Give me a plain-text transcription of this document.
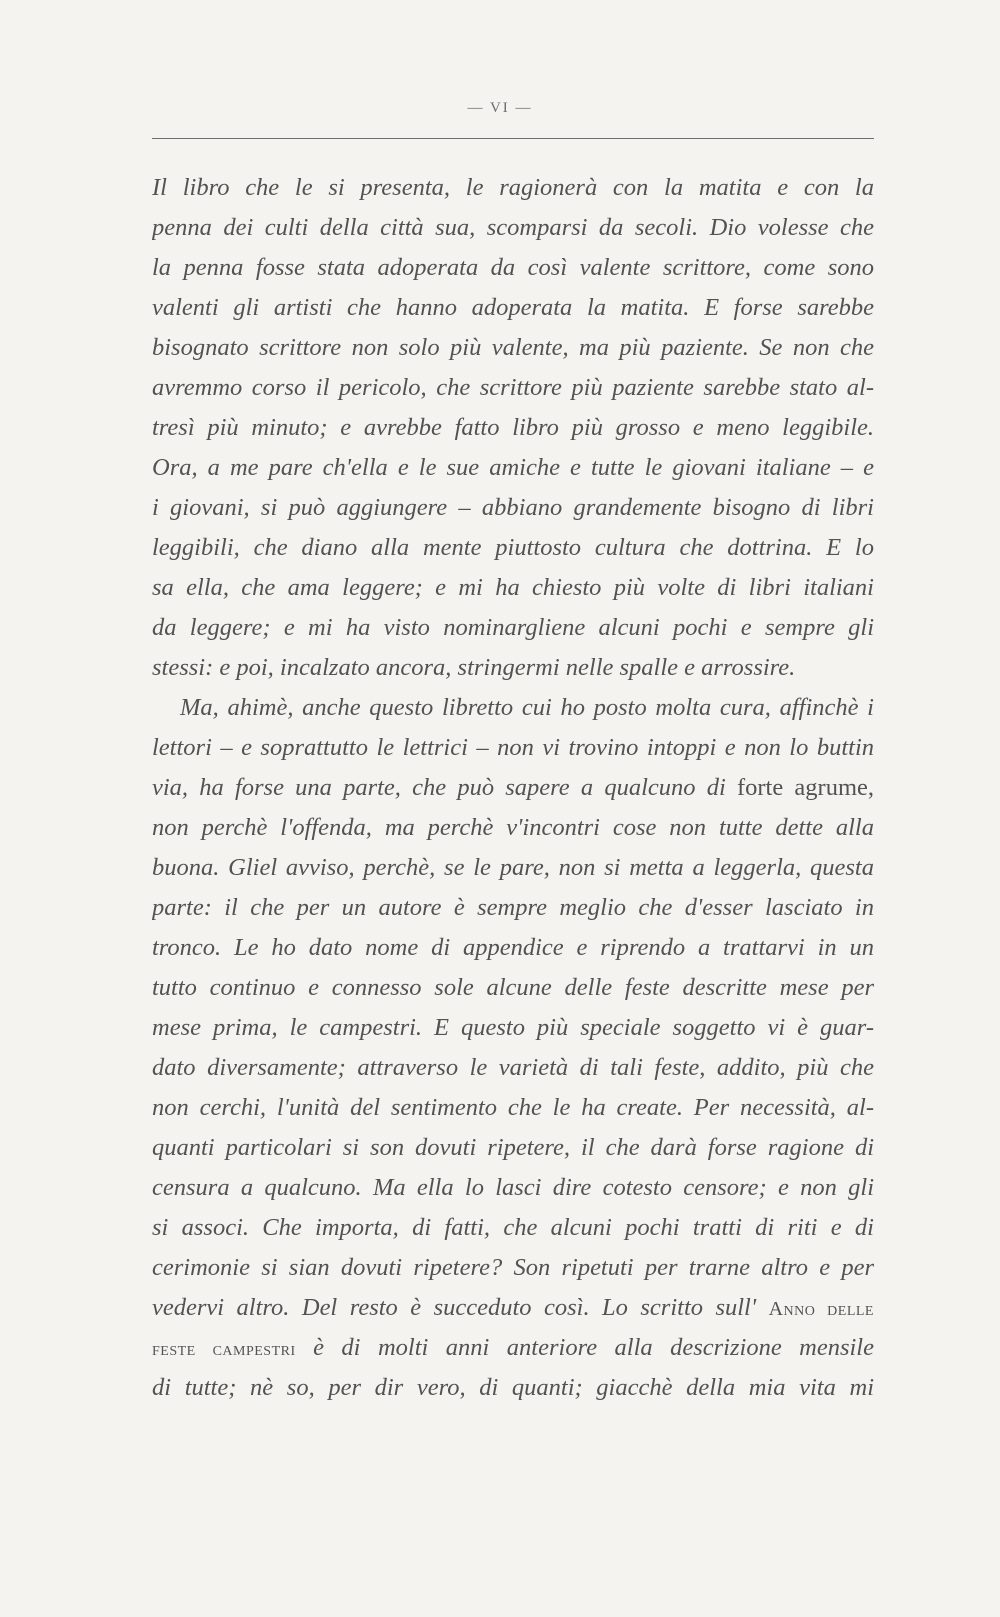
— VI —
Il libro che le si presenta, le ragionerà con la matita e con la
penna dei culti della città sua, scomparsi da secoli. Dio volesse che
la penna fosse stata adoperata da così valente scrittore, come sono
valenti gli artisti che hanno adoperata la matita. E forse sarebbe
bisognato scrittore non solo più valente, ma più paziente. Se non che
avremmo corso il pericolo, che scrittore più paziente sarebbe stato al-
tresì più minuto; e avrebbe fatto libro più grosso e meno leggibile.
Ora, a me pare ch'ella e le sue amiche e tutte le giovani italiane – e
i giovani, si può aggiungere – abbiano grandemente bisogno di libri
leggibili, che diano alla mente piuttosto cultura che dottrina. E lo
sa ella, che ama leggere; e mi ha chiesto più volte di libri italiani
da leggere; e mi ha visto nominargliene alcuni pochi e sempre gli
stessi: e poi, incalzato ancora, stringermi nelle spalle e arrossire.
Ma, ahimè, anche questo libretto cui ho posto molta cura, affinchè i
lettori – e soprattutto le lettrici – non vi trovino intoppi e non lo buttin
via, ha forse una parte, che può sapere a qualcuno di forte agrume,
non perchè l'offenda, ma perchè v'incontri cose non tutte dette alla
buona. Gliel avviso, perchè, se le pare, non si metta a leggerla, questa
parte: il che per un autore è sempre meglio che d'esser lasciato in
tronco. Le ho dato nome di appendice e riprendo a trattarvi in un
tutto continuo e connesso sole alcune delle feste descritte mese per
mese prima, le campestri. E questo più speciale soggetto vi è guar-
dato diversamente; attraverso le varietà di tali feste, addito, più che
non cerchi, l'unità del sentimento che le ha create. Per necessità, al-
quanti particolari si son dovuti ripetere, il che darà forse ragione di
censura a qualcuno. Ma ella lo lasci dire cotesto censore; e non gli
si associ. Che importa, di fatti, che alcuni pochi tratti di riti e di
cerimonie si sian dovuti ripetere? Son ripetuti per trarne altro e per
vedervi altro. Del resto è succeduto così. Lo scritto sull' Anno delle
feste campestri è di molti anni anteriore alla descrizione mensile
di tutte; nè so, per dir vero, di quanti; giacchè della mia vita mi
